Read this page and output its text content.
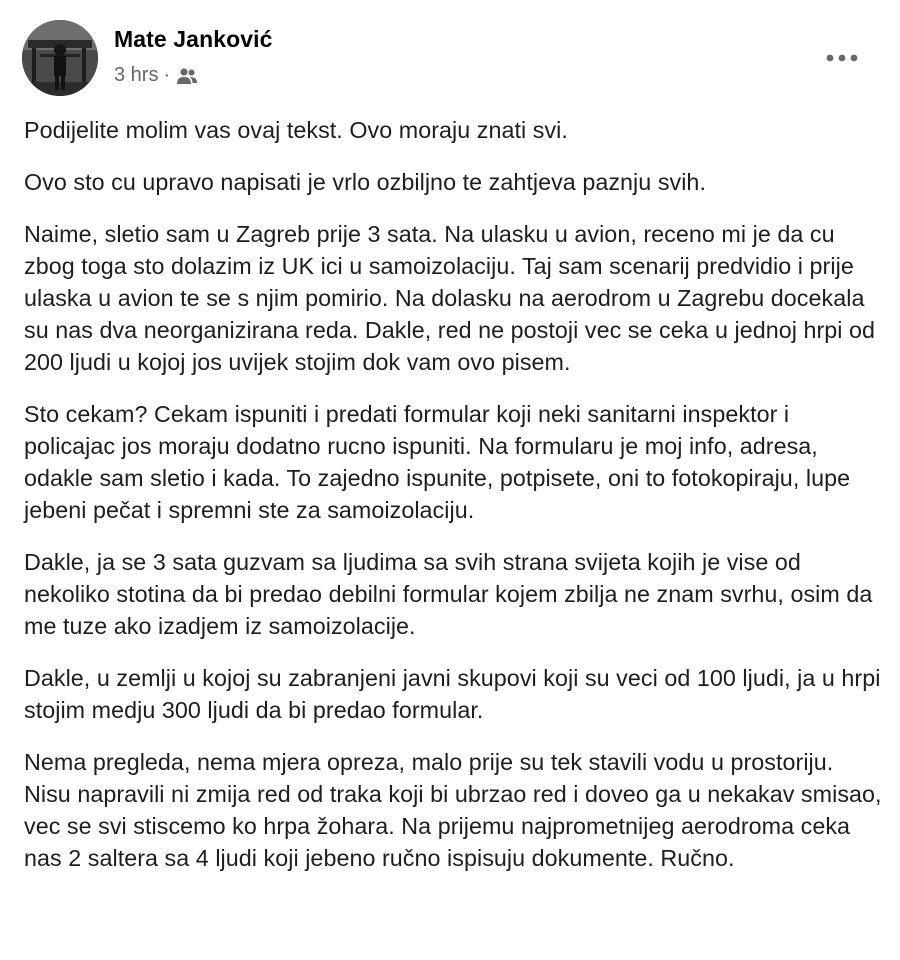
Mate Janković
3 hrs ·

Podijelite molim vas ovaj tekst. Ovo moraju znati svi.

Ovo sto cu upravo napisati je vrlo ozbiljno te zahtjeva paznju svih.

Naime, sletio sam u Zagreb prije 3 sata. Na ulasku u avion, receno mi je da cu zbog toga sto dolazim iz UK ici u samoizolaciju. Taj sam scenarij predvidio i prije ulaska u avion te se s njim pomirio. Na dolasku na aerodrom u Zagrebu docekala su nas dva neorganizirana reda. Dakle, red ne postoji vec se ceka u jednoj hrpi od 200 ljudi u kojoj jos uvijek stojim dok vam ovo pisem.

Sto cekam? Cekam ispuniti i predati formular koji neki sanitarni inspektor i policajac jos moraju dodatno rucno ispuniti. Na formularu je moj info, adresa, odakle sam sletio i kada. To zajedno ispunite, potpisete, oni to fotokopiraju, lupe jebeni pečat i spremni ste za samoizolaciju.

Dakle, ja se 3 sata guzvam sa ljudima sa svih strana svijeta kojih je vise od nekoliko stotina da bi predao debilni formular kojem zbilja ne znam svrhu, osim da me tuze ako izadjem iz samoizolacije.

Dakle, u zemlji u kojoj su zabranjeni javni skupovi koji su veci od 100 ljudi, ja u hrpi stojim medju 300 ljudi da bi predao formular.

Nema pregleda, nema mjera opreza, malo prije su tek stavili vodu u prostoriju. Nisu napravili ni zmija red od traka koji bi ubrzao red i doveo ga u nekakav smisao, vec se svi stiscemo ko hrpa žohara. Na prijemu najprometnijeg aerodroma ceka nas 2 saltera sa 4 ljudi koji jebeno ručno ispisuju dokumente. Ručno.
